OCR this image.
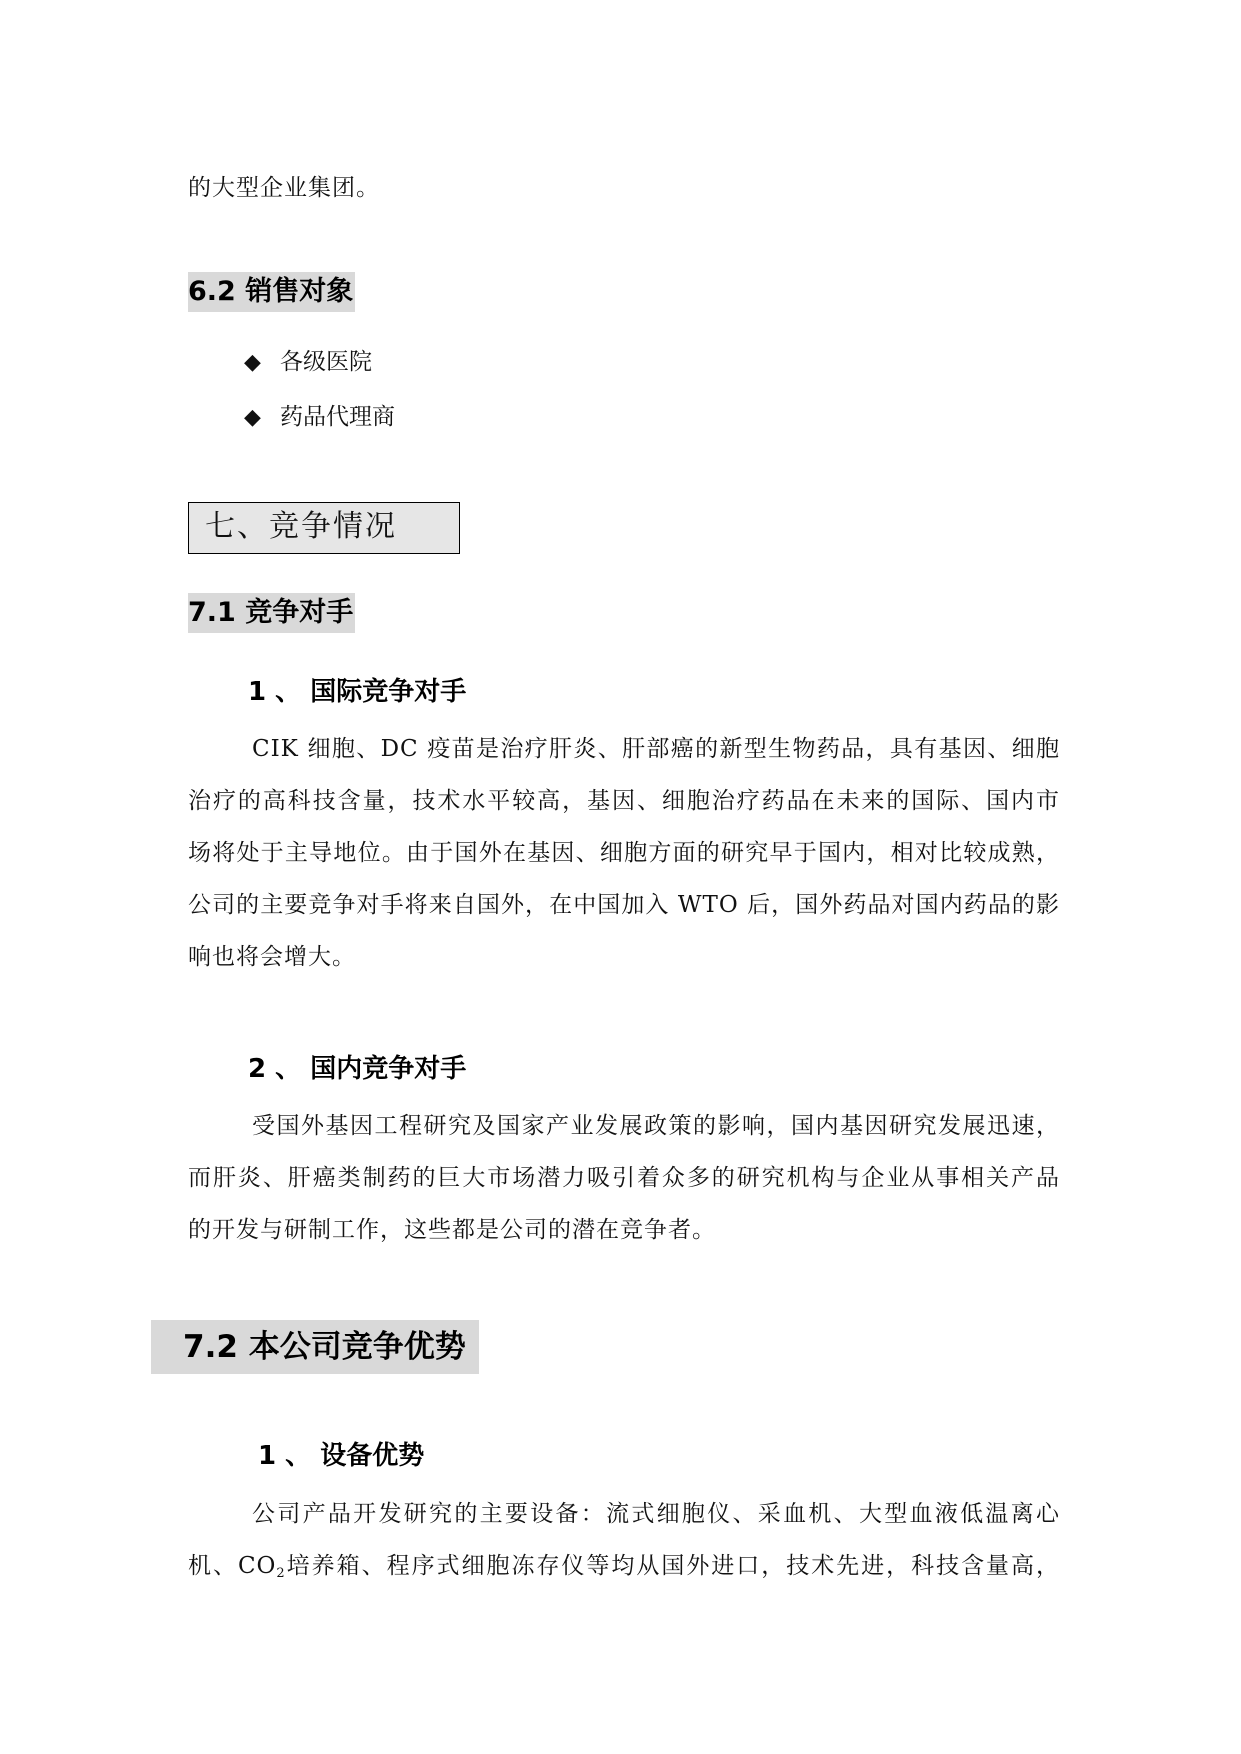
的大型企业集团。
6.2 销售对象
◆ 各级医院
◆ 药品代理商
七、竞争情况
7.1 竞争对手
1 、 国际竞争对手
CIK 细胞、DC 疫苗是治疗肝炎、肝部癌的新型生物药品，具有基因、细胞
治疗的高科技含量，技术水平较高，基因、细胞治疗药品在未来的国际、国内市
场将处于主导地位。由于国外在基因、细胞方面的研究早于国内，相对比较成熟，
公司的主要竞争对手将来自国外，在中国加入 WTO 后，国外药品对国内药品的影
响也将会增大。
2 、 国内竞争对手
受国外基因工程研究及国家产业发展政策的影响，国内基因研究发展迅速，
而肝炎、肝癌类制药的巨大市场潜力吸引着众多的研究机构与企业从事相关产品
的开发与研制工作，这些都是公司的潜在竞争者。
7.2 本公司竞争优势
1 、 设备优势
公司产品开发研究的主要设备：流式细胞仪、采血机、大型血液低温离心
机、$CO_2$培养箱、程序式细胞冻存仪等均从国外进口，技术先进，科技含量高，
